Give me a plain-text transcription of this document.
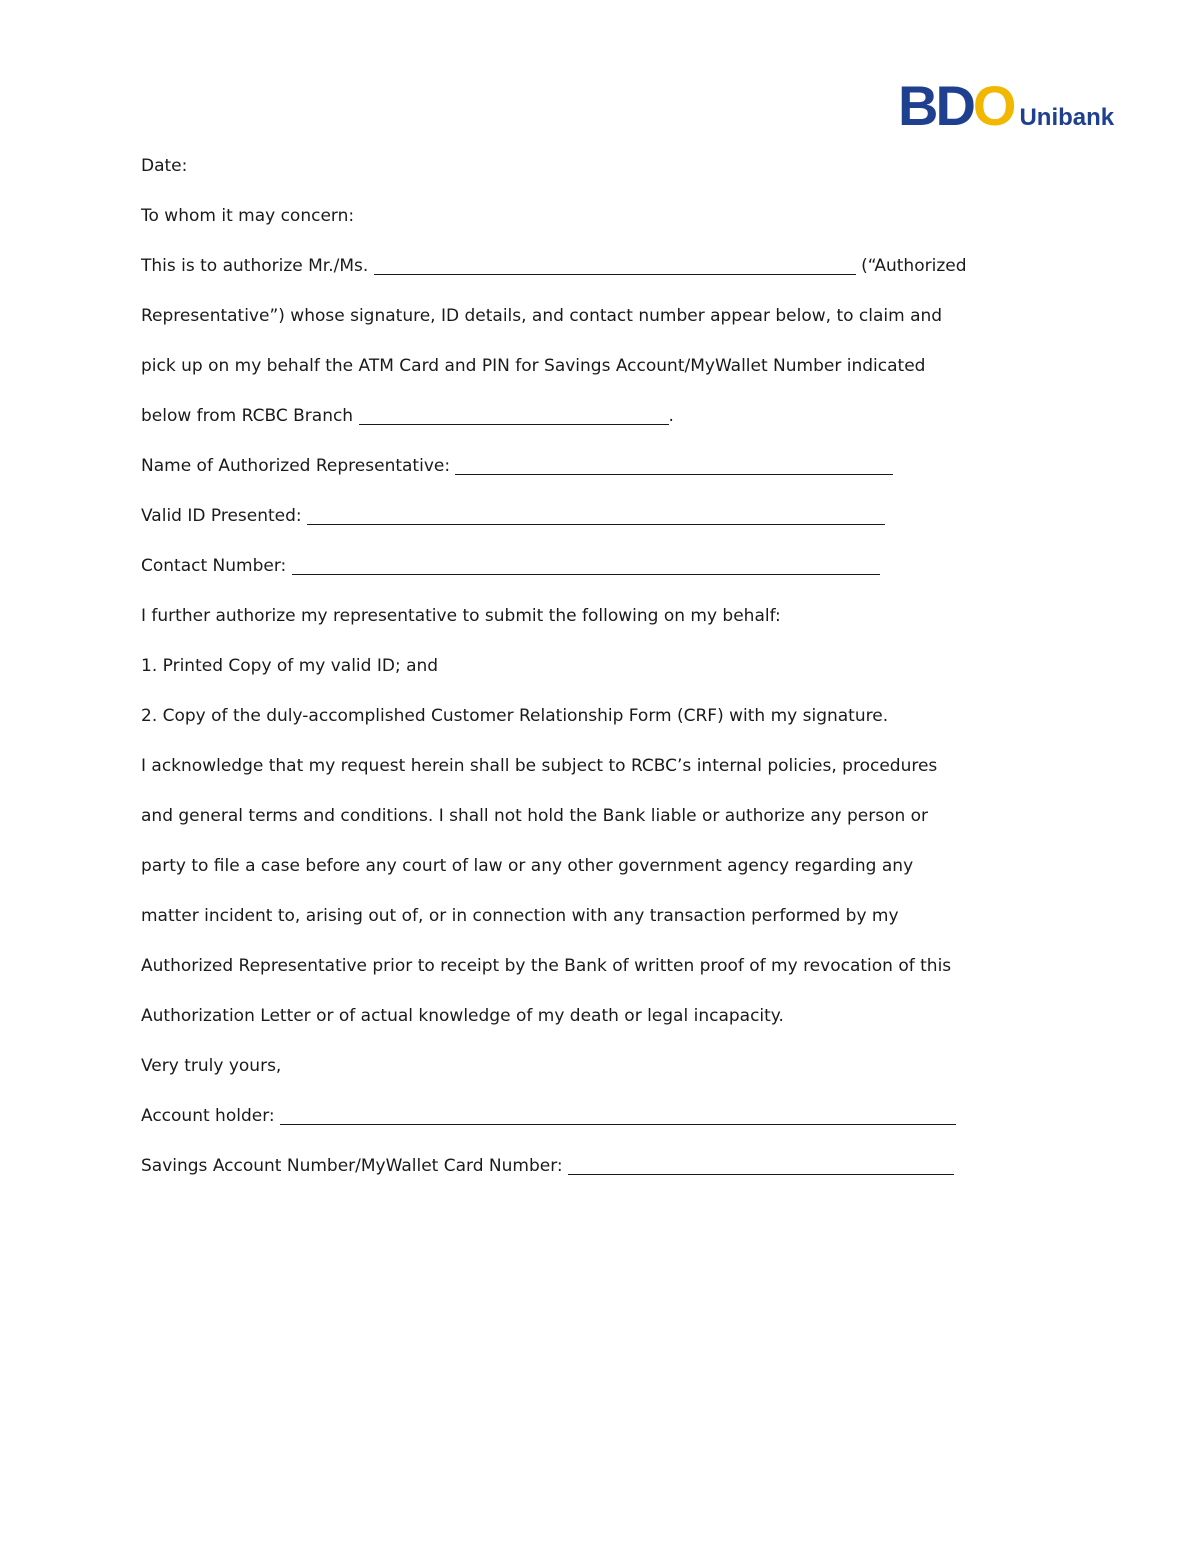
BDO Unibank
Date:
To whom it may concern:
This is to authorize Mr./Ms.	(“Authorized
Representative”) whose signature, ID details, and contact number appear below, to claim and
pick up on my behalf the ATM Card and PIN for Savings Account/MyWallet Number indicated
below from RCBC Branch	.
Name of Authorized Representative:
Valid ID Presented:
Contact Number:
I further authorize my representative to submit the following on my behalf:
1. Printed Copy of my valid ID; and
2. Copy of the duly-accomplished Customer Relationship Form (CRF) with my signature.
I acknowledge that my request herein shall be subject to RCBC’s internal policies, procedures
and general terms and conditions. I shall not hold the Bank liable or authorize any person or
party to file a case before any court of law or any other government agency regarding any
matter incident to, arising out of, or in connection with any transaction performed by my
Authorized Representative prior to receipt by the Bank of written proof of my revocation of this
Authorization Letter or of actual knowledge of my death or legal incapacity.
Very truly yours,
Account holder:
Savings Account Number/MyWallet Card Number:
